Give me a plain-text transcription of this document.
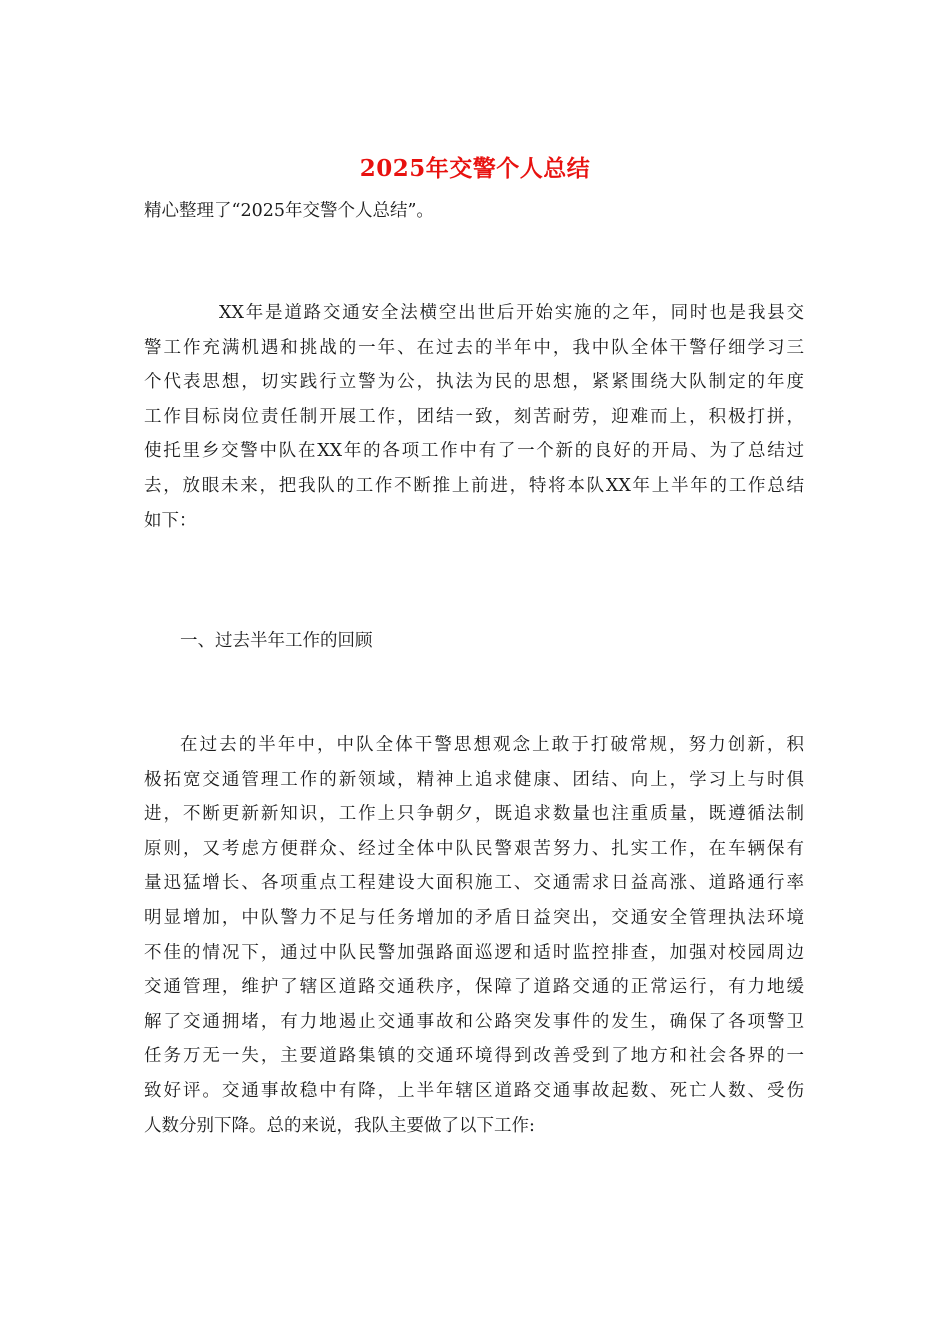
2025年交警个人总结
精心整理了“2025年交警个人总结”。
XX年是道路交通安全法横空出世后开始实施的之年，同时也是我县交
警工作充满机遇和挑战的一年、在过去的半年中，我中队全体干警仔细学习三
个代表思想，切实践行立警为公，执法为民的思想，紧紧围绕大队制定的年度
工作目标岗位责任制开展工作，团结一致，刻苦耐劳，迎难而上，积极打拼，
使托里乡交警中队在XX年的各项工作中有了一个新的良好的开局、为了总结过
去，放眼未来，把我队的工作不断推上前进，特将本队XX年上半年的工作总结
如下：
一、过去半年工作的回顾
在过去的半年中，中队全体干警思想观念上敢于打破常规，努力创新，积
极拓宽交通管理工作的新领域，精神上追求健康、团结、向上，学习上与时俱
进，不断更新新知识，工作上只争朝夕，既追求数量也注重质量，既遵循法制
原则，又考虑方便群众、经过全体中队民警艰苦努力、扎实工作，在车辆保有
量迅猛增长、各项重点工程建设大面积施工、交通需求日益高涨、道路通行率
明显增加，中队警力不足与任务增加的矛盾日益突出，交通安全管理执法环境
不佳的情况下，通过中队民警加强路面巡逻和适时监控排查，加强对校园周边
交通管理，维护了辖区道路交通秩序，保障了道路交通的正常运行，有力地缓
解了交通拥堵，有力地遏止交通事故和公路突发事件的发生，确保了各项警卫
任务万无一失，主要道路集镇的交通环境得到改善受到了地方和社会各界的一
致好评。交通事故稳中有降，上半年辖区道路交通事故起数、死亡人数、受伤
人数分别下降。总的来说，我队主要做了以下工作:
